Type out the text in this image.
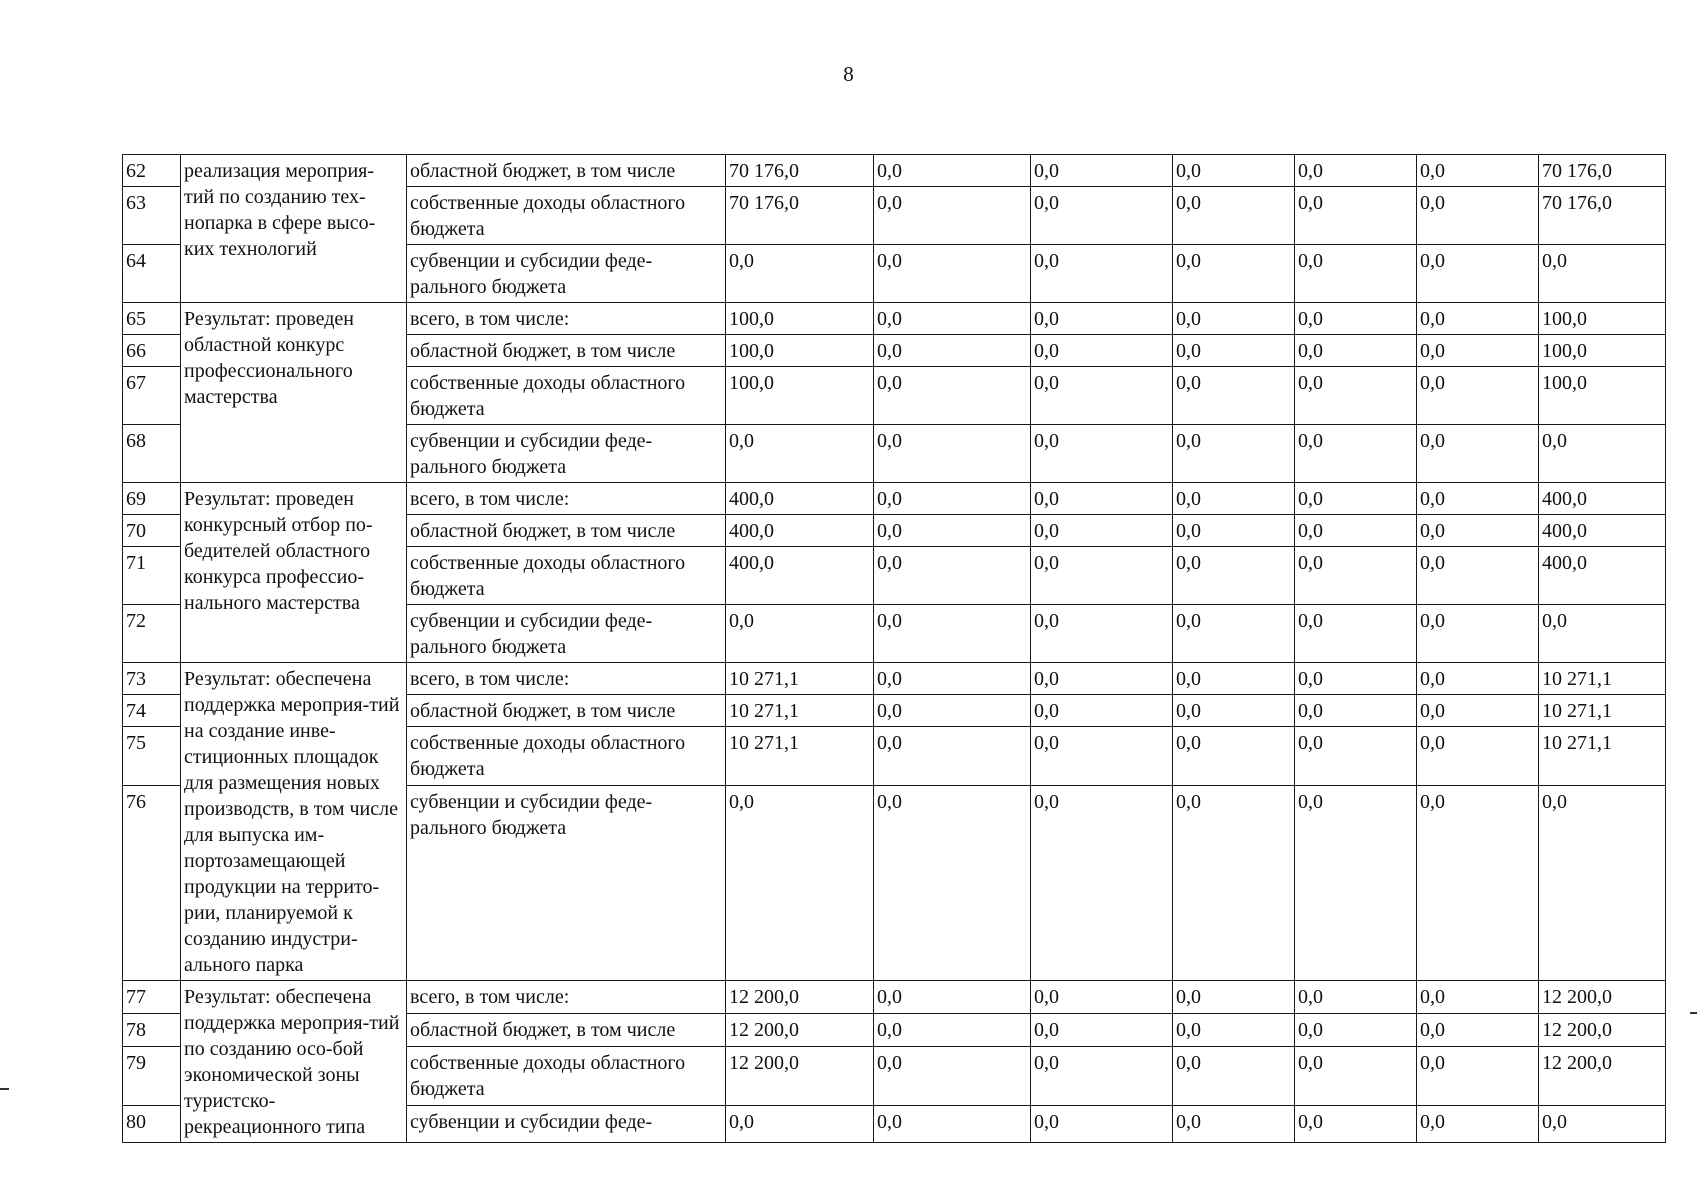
8
62	реализация мероприя-тий по созданию тех-нопарка в сфере высо-ких технологий	областной бюджет, в том числе	70 176,0	0,0	0,0	0,0	0,0	0,0	70 176,0
63		собственные доходы областного бюджета	70 176,0	0,0	0,0	0,0	0,0	0,0	70 176,0
64		субвенции и субсидии феде-рального бюджета	0,0	0,0	0,0	0,0	0,0	0,0	0,0
65	Результат: проведен областной конкурс профессионального мастерства	всего, в том числе:	100,0	0,0	0,0	0,0	0,0	0,0	100,0
66		областной бюджет, в том числе	100,0	0,0	0,0	0,0	0,0	0,0	100,0
67		собственные доходы областного бюджета	100,0	0,0	0,0	0,0	0,0	0,0	100,0
68		субвенции и субсидии феде-рального бюджета	0,0	0,0	0,0	0,0	0,0	0,0	0,0
69	Результат: проведен конкурсный отбор по-бедителей областного конкурса профессио-нального мастерства	всего, в том числе:	400,0	0,0	0,0	0,0	0,0	0,0	400,0
70		областной бюджет, в том числе	400,0	0,0	0,0	0,0	0,0	0,0	400,0
71		собственные доходы областного бюджета	400,0	0,0	0,0	0,0	0,0	0,0	400,0
72		субвенции и субсидии феде-рального бюджета	0,0	0,0	0,0	0,0	0,0	0,0	0,0
73	Результат: обеспечена поддержка мероприя-тий на создание инве-стиционных площадок для размещения новых производств, в том числе для выпуска им-портозамещающей продукции на террито-рии, планируемой к созданию индустри-ального парка	всего, в том числе:	10 271,1	0,0	0,0	0,0	0,0	0,0	10 271,1
74		областной бюджет, в том числе	10 271,1	0,0	0,0	0,0	0,0	0,0	10 271,1
75		собственные доходы областного бюджета	10 271,1	0,0	0,0	0,0	0,0	0,0	10 271,1
76		субвенции и субсидии феде-рального бюджета	0,0	0,0	0,0	0,0	0,0	0,0	0,0
77	Результат: обеспечена поддержка мероприя-тий по созданию осо-бой экономической зоны туристско-рекреационного типа	всего, в том числе:	12 200,0	0,0	0,0	0,0	0,0	0,0	12 200,0
78		областной бюджет, в том числе	12 200,0	0,0	0,0	0,0	0,0	0,0	12 200,0
79		собственные доходы областного бюджета	12 200,0	0,0	0,0	0,0	0,0	0,0	12 200,0
80		субвенции и субсидии феде-	0,0	0,0	0,0	0,0	0,0	0,0	0,0
